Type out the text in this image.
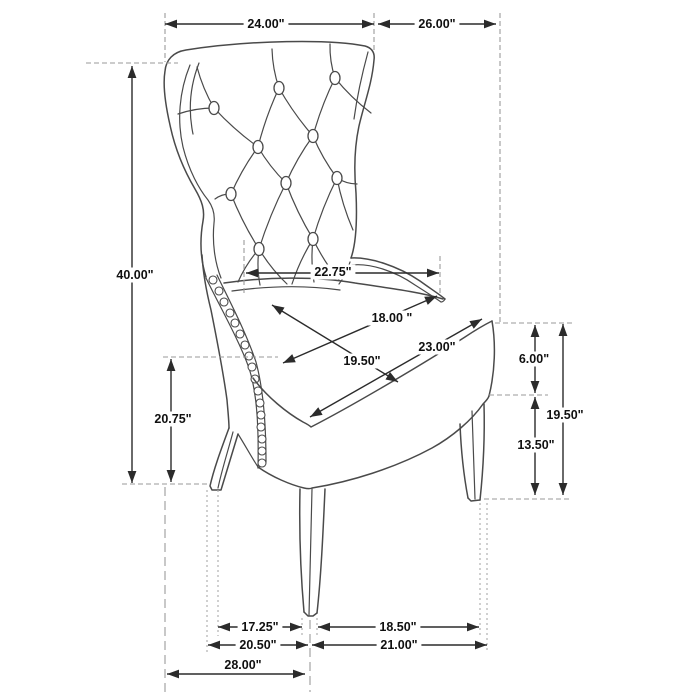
24.00"	26.00"
40.00"	22.75"
19.50"
18.00 "
23.00"
20.75"
6.00"
13.50"
19.50"
17.25"	18.50"
20.50"	21.00"
28.00"
